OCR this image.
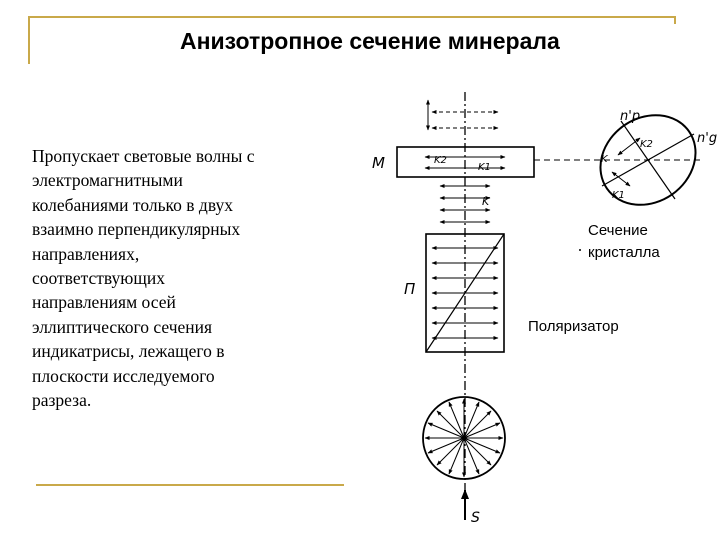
Анизотропное сечение минерала
Пропускает световые волны с
электромагнитными
колебаниями только в двух
взаимно перпендикулярных
направлениях,
соответствующих
направлениям осей
эллиптического сечения
индикатрисы, лежащего в
плоскости исследуемого
разреза.
M	K2
K1
K
П
S
n'p
n'g
K2
K
K1
Сечение
кристалла
Поляризатор
